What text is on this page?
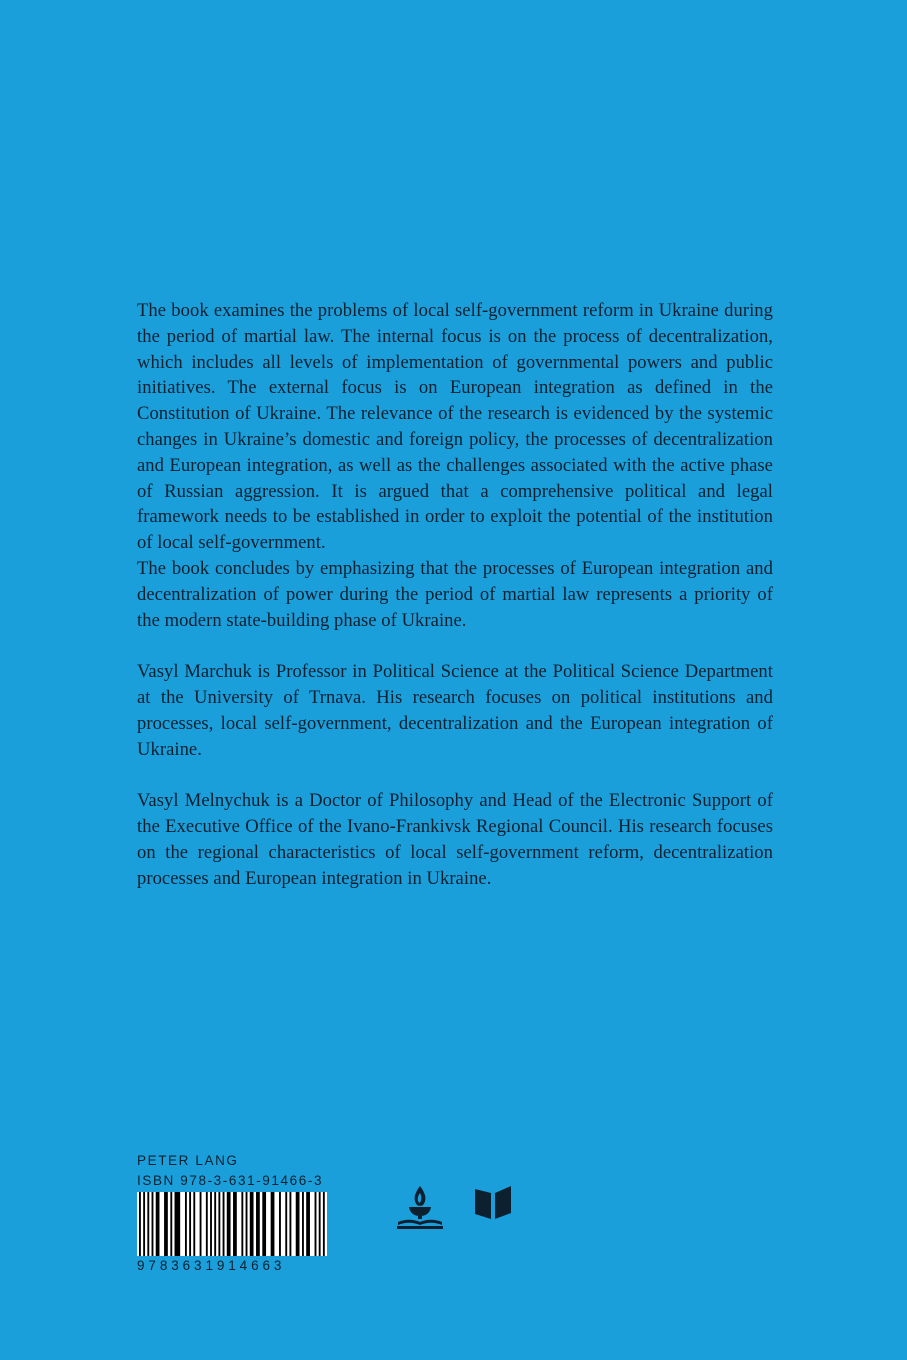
The book examines the problems of local self-government reform in Ukraine during the period of martial law. The internal focus is on the process of decentralization, which includes all levels of implementation of governmental powers and public initiatives. The external focus is on European integration as defined in the Constitution of Ukraine. The relevance of the research is evidenced by the systemic changes in Ukraine’s domestic and foreign policy, the processes of decentralization and European integration, as well as the challenges associated with the active phase of Russian aggression. It is argued that a comprehensive political and legal framework needs to be established in order to exploit the potential of the institution of local self-government.

The book concludes by emphasizing that the processes of European integration and decentralization of power during the period of martial law represents a priority of the modern state-building phase of Ukraine.

Vasyl Marchuk is Professor in Political Science at the Political Science Department at the University of Trnava. His research focuses on political institutions and processes, local self-government, decentralization and the European integration of Ukraine.

Vasyl Melnychuk is a Doctor of Philosophy and Head of the Electronic Support of the Executive Office of the Ivano-Frankivsk Regional Council. His research focuses on the regional characteristics of local self-government reform, decentralization processes and European integration in Ukraine.

PETER LANG
ISBN 978-3-631-91466-3
9783631914663
